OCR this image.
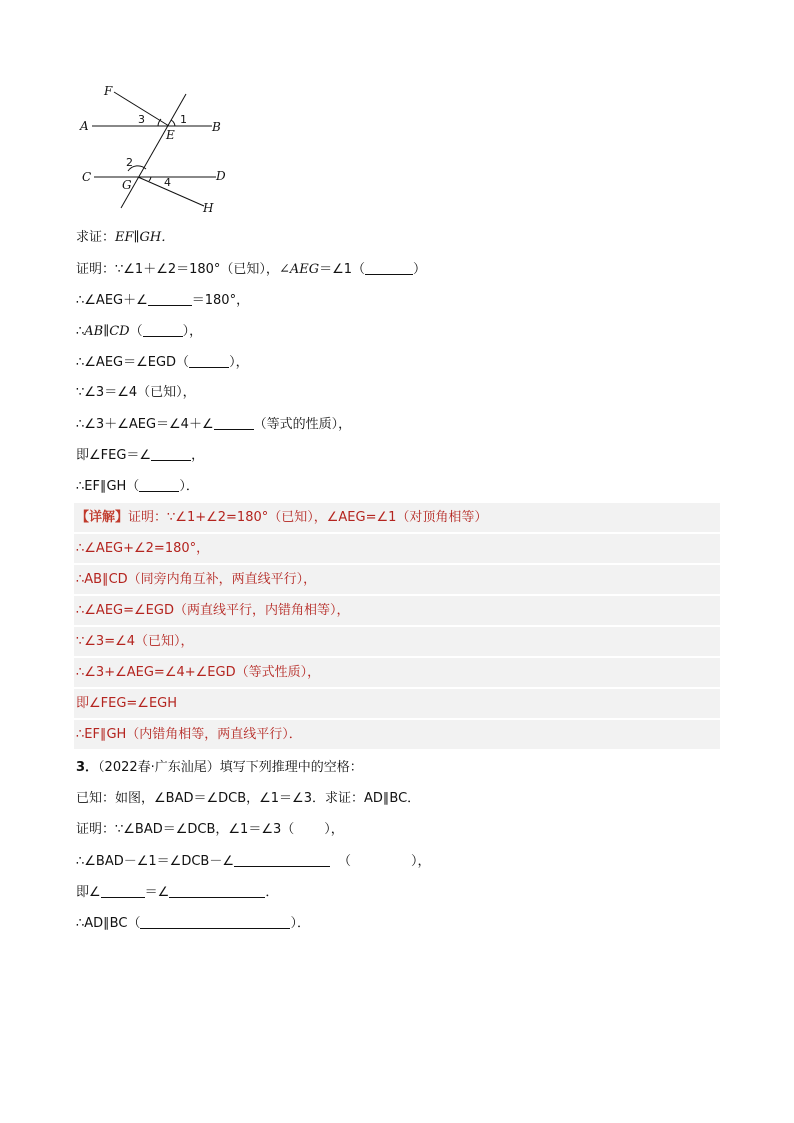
F
A
E
B
C
G
D
H
3	1
2
4
求证：EF∥GH．
证明：∵∠1＋∠2＝180°（已知），∠AEG＝∠1（	）
∴∠AEG＋∠	＝180°，
∴AB∥CD（	），
∴∠AEG＝∠EGD（	），
∵∠3＝∠4（已知），
∴∠3＋∠AEG＝∠4＋∠	（等式的性质），
即∠FEG＝∠	，
∴EF∥GH（	）．
【详解】证明：∵∠1+∠2=180°（已知），∠AEG=∠1（对顶角相等）
∴∠AEG+∠2=180°，
∴AB∥CD（同旁内角互补，两直线平行），
∴∠AEG=∠EGD（两直线平行，内错角相等），
∵∠3=∠4（已知），
∴∠3+∠AEG=∠4+∠EGD（等式性质），
即∠FEG=∠EGH
∴EF∥GH（内错角相等，两直线平行）．
3．（2022春·广东汕尾）填写下列推理中的空格：
已知：如图，∠BAD＝∠DCB，∠1＝∠3．求证：AD∥BC．
证明：∵∠BAD＝∠DCB，∠1＝∠3（ ），
∴∠BAD－∠1＝∠DCB－∠	（	），
即∠	＝∠	．
∴AD∥BC（	）．
